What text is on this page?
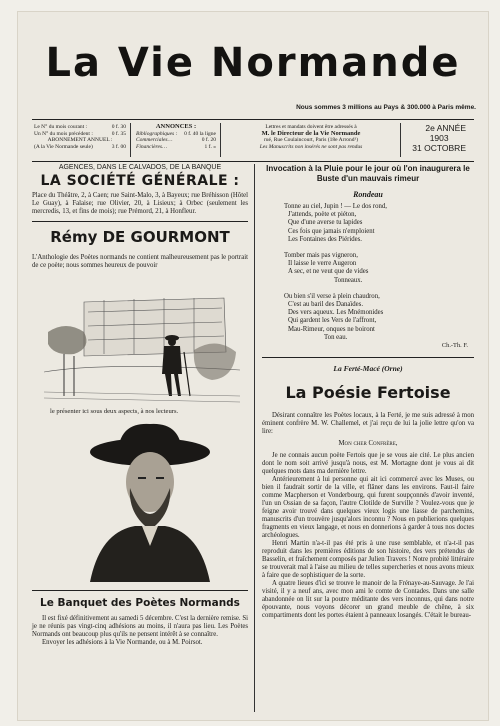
La Vie Normande
Nous sommes 3 millions au Pays & 300.000 à Paris même.
Le N° du mois courant :	0 f. 30
Un N° du mois précédent :	0 f. 35
ABONNEMENT ANNUEL :
(A la Vie Normande seule)	3 f. 00
ANNONCES :
Bibliographiques : 0 f. 40 la ligne
Commerciales…	0 f. 20
Financières…	1 f. »
Lettres et mandats doivent être adressés à
M. le Directeur de la Vie Normande
rué, Rue Coulaincourt, Paris (18e Arrond¹)
Les Manuscrits non insérés ne sont pas rendus
2e ANNÉE
1903
31 OCTOBRE
AGENCES, DANS LE CALVADOS, DE LA BANQUE
LA SOCIÉTÉ GÉNÉRALE :
Place du Théâtre, 2, à Caen; rue Saint-Malo, 3, à Bayeux; rue Bréhisson (Hôtel Le Guay), à Falaise; rue Olivier, 20, à Lisieux; à Orbec (seulement les mercredis, 13, et fins de mois); rue Prémord, 21, à Honfleur.
Rémy DE GOURMONT
L'Anthologie des Poètes normands ne contient malheureusement pas le portrait de ce poète; nous sommes heureux de pouvoir
le présenter ici sous deux aspects, à nos lecteurs.
Le Banquet des Poètes Normands
Il est fixé définitivement au samedi 5 décembre. C'est la dernière remise. Si je ne réunis pas vingt-cinq adhésions au moins, il n'aura pas lieu. Les Poètes Normands ont beaucoup plus qu'ils ne pensent intérêt à se connaître.
Envoyer les adhésions à la Vie Normande, ou à M. Poirsot.
Invocation à la Pluie pour le jour où l'on inaugurera le Buste d'un mauvais rimeur
Rondeau
Tonne au ciel, Jupin ! — Le dos rond,
J'attends, poète et piéton,
Que d'une averse tu lapides
Ces fois que jamais n'emploient
Les Fontaines des Piérides.
Tomber mais pas vigneron,
Il laisse le verre Augeron
A sec, et ne veut que de vides
Tonneaux.
Ou bien s'il verse à plein chaudron,
C'est au baril des Danaïdes.
Des vers aqueux. Les Mnémonides
Qui gardent les Vers de l'affront,
Mau-Rimeur, onques ne boiront
Ton eau.
Ch.-Th. F.
La Ferté-Macé (Orne)
La Poésie Fertoise
Désirant connaître les Poètes locaux, à la Ferté, je me suis adressé à mon éminent confrère M. W. Challemel, et j'ai reçu de lui la jolie lettre qu'on va lire:
Mon cher Confrère,
Je ne connais aucun poète Fertois que je se vous aie cité. Le plus ancien dont le nom soit arrivé jusqu'à nous, est M. Mortagne dont je vous ai dit quelques mots dans ma dernière lettre.
Antérieurement à lui personne qui ait ici commercé avec les Muses, ou bien il faudrait sortir de la ville, et flâner dans les environs. Faut-il faire comme Macpherson et Vonderbourg, qui furent soupçonnés d'avoir inventé, l'un un Ossian de sa façon, l'autre Clotilde de Surville ? Voulez-vous que je feigne avoir trouvé dans quelques vieux logis une liasse de parchemins, manuscrits d'un trouvère jusqu'alors inconnu ? Nous en publierions quelques fragments en vieux langage, et nous en donnerions à garder à tous nos doctes archéologues.
Henri Martin n'a-t-il pas été pris à une ruse semblable, et n'a-t-il pas reproduit dans les premières éditions de son histoire, des vers prétendus de Basselin, et fraîchement composés par Julien Travers ! Notre probité littéraire se trouverait mal à l'aise au milieu de telles supercheries et nous avons mieux à faire que de sophistiquer de la sorte.
A quatre lieues d'ici se trouve le manoir de la Frénaye-au-Sauvage. Je l'ai visité, il y a neuf ans, avec mon ami le comte de Contades. Dans une salle abandonnée on lit sur la poutre méditante des vers inconnus, qui dans notre épouvante, nous voyons décorer un grand meuble de chêne, à six compartiments dont les portes étaient à panneaux losangés. C'était le bureau-
